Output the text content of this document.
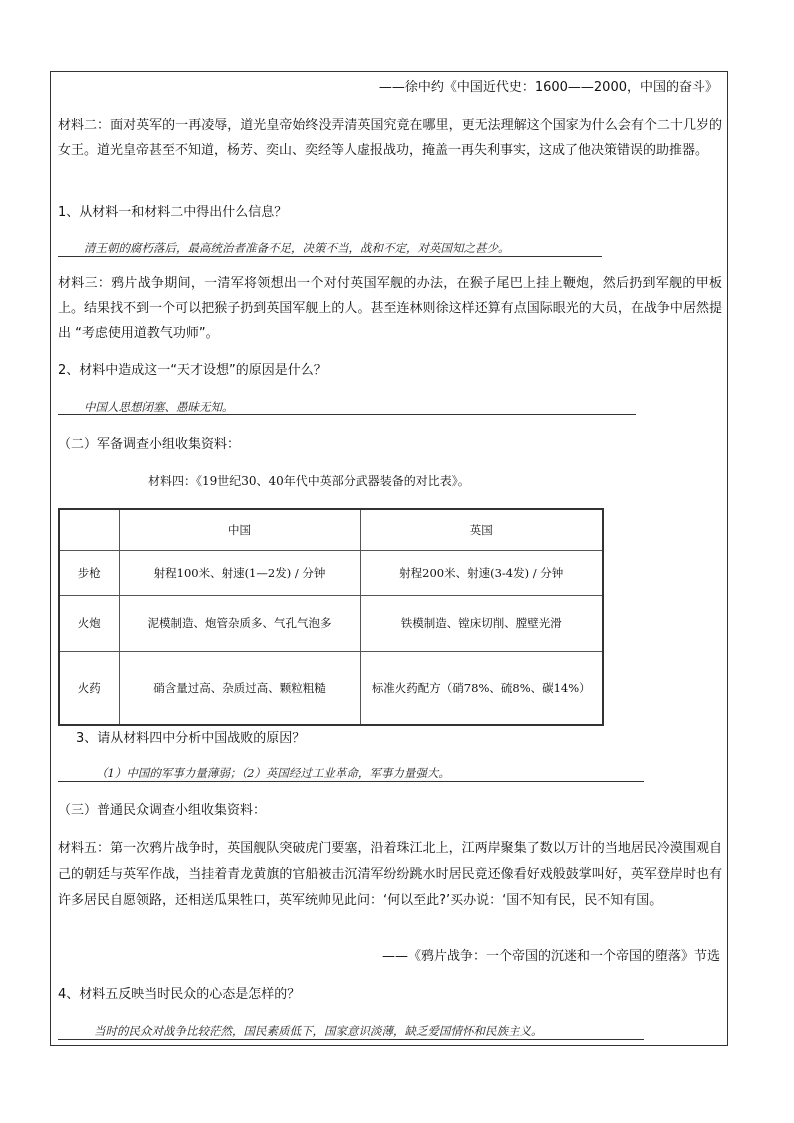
——徐中约《中国近代史：1600——2000，中国的奋斗》
材料二：面对英军的一再凌辱，道光皇帝始终没弄清英国究竟在哪里，更无法理解这个国家为什么会有个二十几岁的女王。道光皇帝甚至不知道，杨芳、奕山、奕经等人虚报战功，掩盖一再失利事实，这成了他决策错误的助推器。
1、从材料一和材料二中得出什么信息？
清王朝的腐朽落后，最高统治者准备不足，决策不当，战和不定，对英国知之甚少。
材料三：鸦片战争期间，一清军将领想出一个对付英国军舰的办法，在猴子尾巴上挂上鞭炮，然后扔到军舰的甲板上。结果找不到一个可以把猴子扔到英国军舰上的人。甚至连林则徐这样还算有点国际眼光的大员，在战争中居然提出 “考虑使用道教气功师”。
2、材料中造成这一“天才设想”的原因是什么？
中国人思想闭塞、愚昧无知。
（二）军备调查小组收集资料：
材料四：《19世纪30、40年代中英部分武器装备的对比表》。
	中国	英国
步枪	射程100米、射速(1—2发) / 分钟	射程200米、射速(3-4发) / 分钟
火炮	泥模制造、炮管杂质多、气孔气泡多	铁模制造、镗床切削、膛壁光滑
火药	硝含量过高、杂质过高、颗粒粗糙	标准火药配方（硝78%、硫8%、碳14%）
3、请从材料四中分析中国战败的原因？
（1）中国的军事力量薄弱；（2）英国经过工业革命，军事力量强大。
（三）普通民众调查小组收集资料：
材料五：第一次鸦片战争时，英国舰队突破虎门要塞，沿着珠江北上，江两岸聚集了数以万计的当地居民冷漠围观自己的朝廷与英军作战，当挂着青龙黄旗的官船被击沉清军纷纷跳水时居民竟还像看好戏般鼓掌叫好，英军登岸时也有许多居民自愿领路，还相送瓜果牲口，英军统帅见此问：‘何以至此?’买办说：‘国不知有民，民不知有国。
——《鸦片战争：一个帝国的沉迷和一个帝国的堕落》节选
4、材料五反映当时民众的心态是怎样的？
当时的民众对战争比较茫然，国民素质低下，国家意识淡薄，缺乏爱国情怀和民族主义。
